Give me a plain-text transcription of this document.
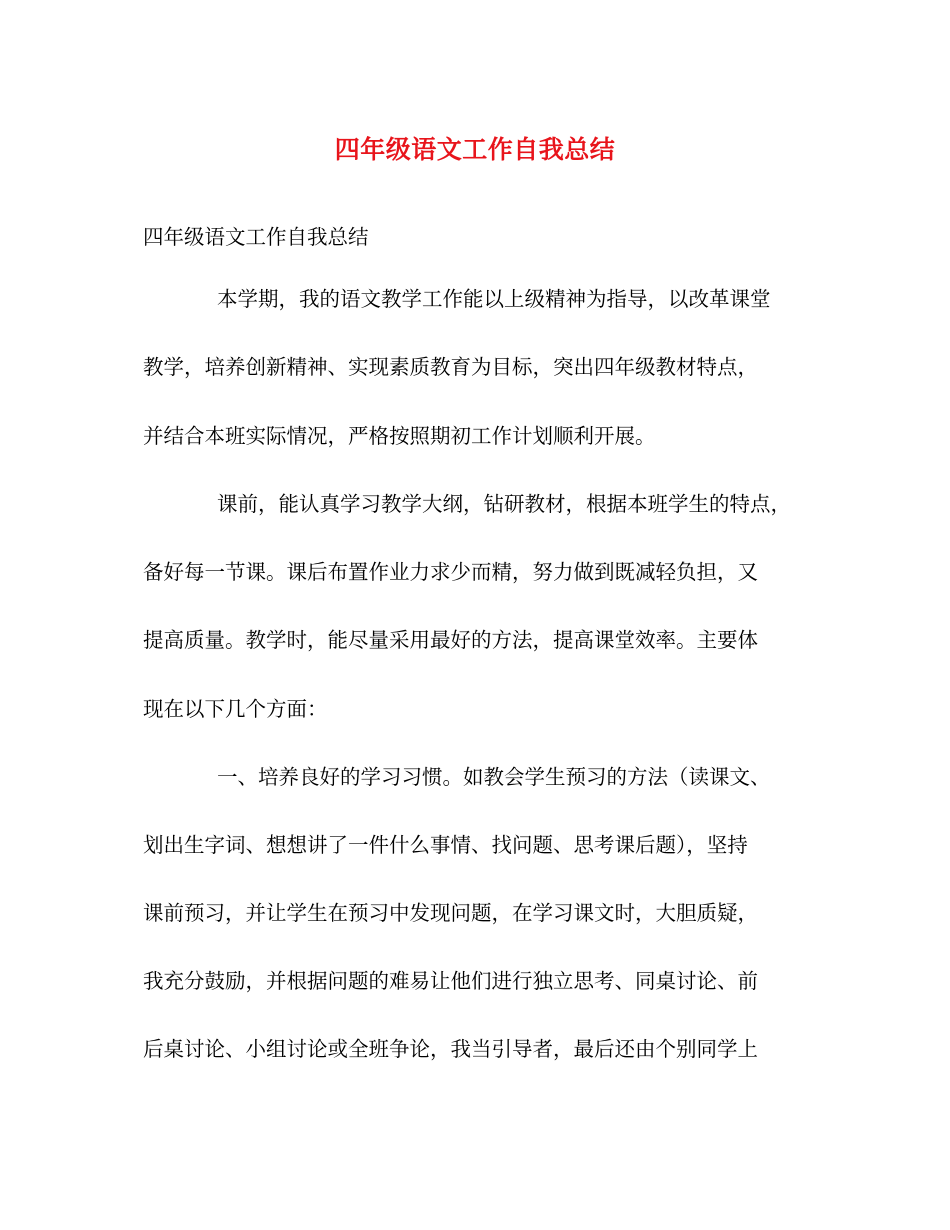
四年级语文工作自我总结
四年级语文工作自我总结
本学期，我的语文教学工作能以上级精神为指导，以改革课堂
教学，培养创新精神、实现素质教育为目标，突出四年级教材特点，
并结合本班实际情况，严格按照期初工作计划顺利开展。
课前，能认真学习教学大纲，钻研教材，根据本班学生的特点，
备好每一节课。课后布置作业力求少而精，努力做到既减轻负担，又
提高质量。教学时，能尽量采用最好的方法，提高课堂效率。主要体
现在以下几个方面：
一、培养良好的学习习惯。如教会学生预习的方法（读课文、
划出生字词、想想讲了一件什么事情、找问题、思考课后题），坚持
课前预习，并让学生在预习中发现问题，在学习课文时，大胆质疑，
我充分鼓励，并根据问题的难易让他们进行独立思考、同桌讨论、前
后桌讨论、小组讨论或全班争论，我当引导者，最后还由个别同学上
